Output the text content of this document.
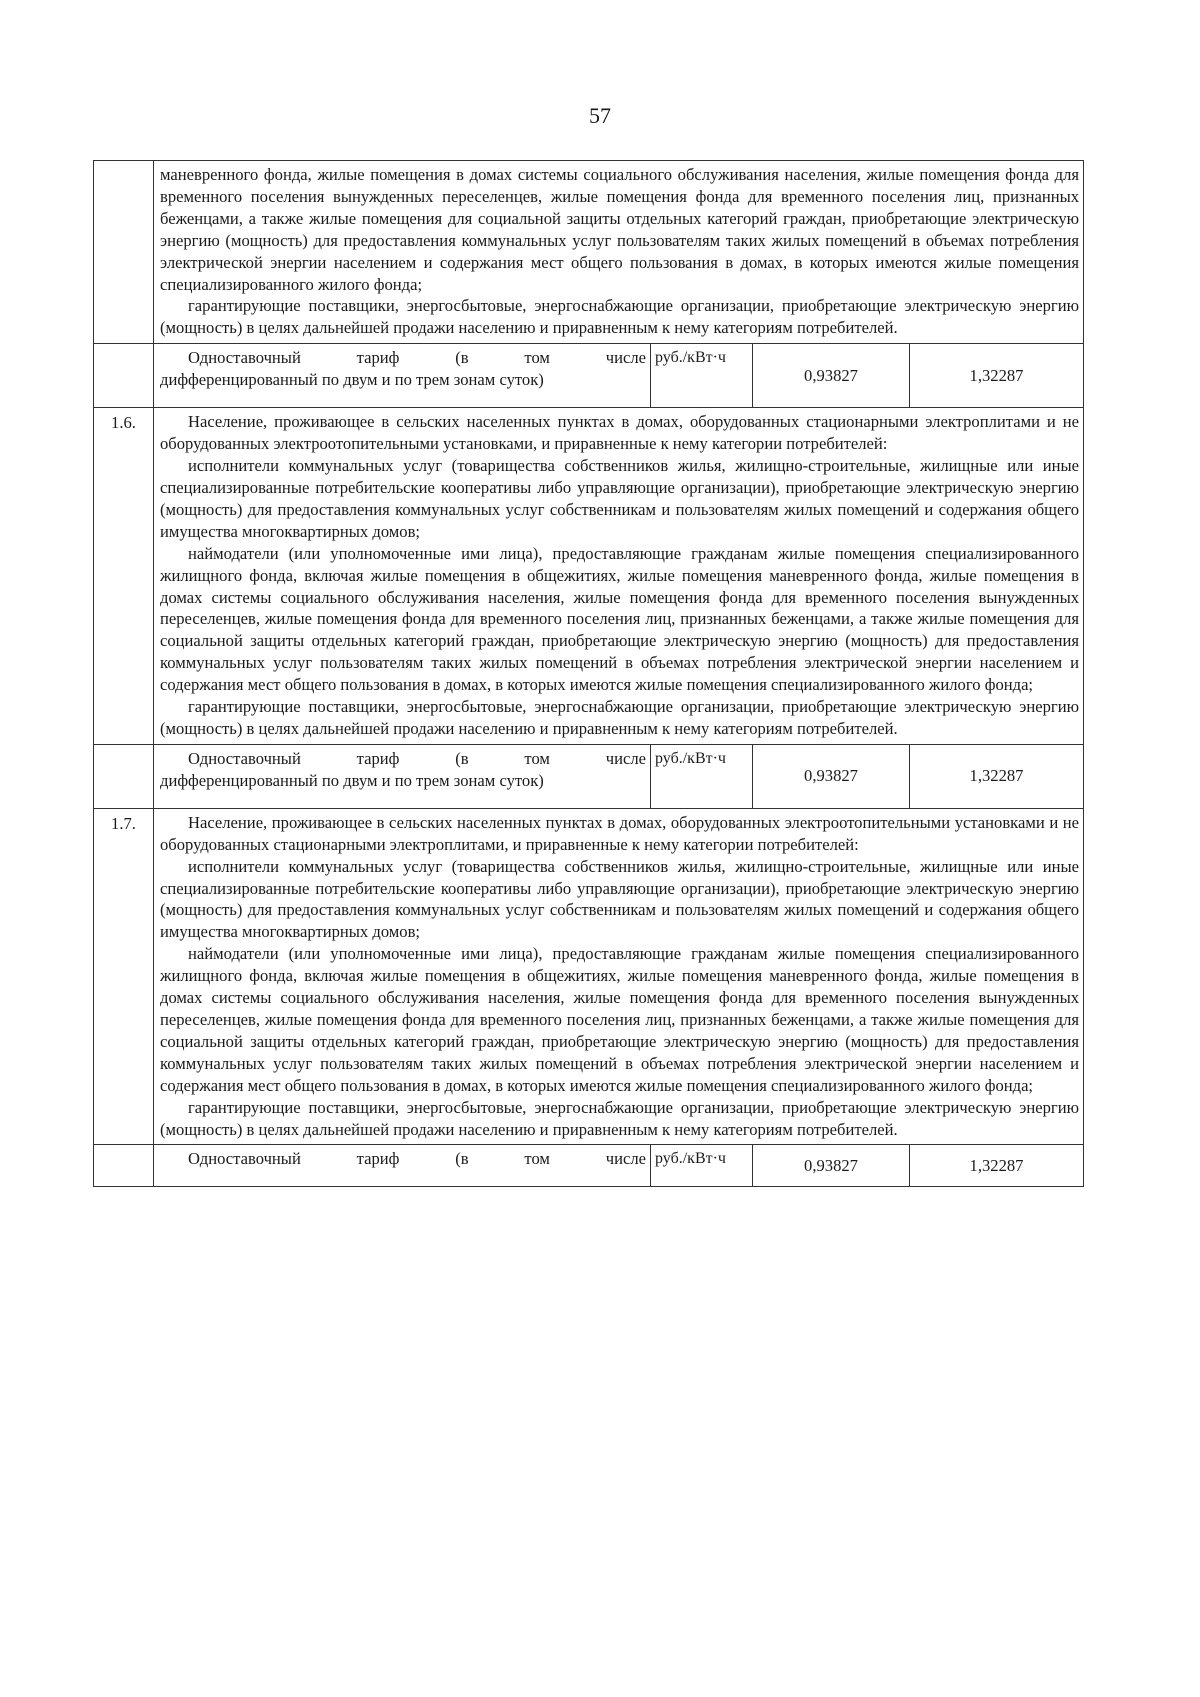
57

	маневренного фонда, жилые помещения в домах системы социального обслуживания населения, жилые помещения фонда для временного поселения вынужденных переселенцев, жилые помещения фонда для временного поселения лиц, признанных беженцами, а также жилые помещения для социальной защиты отдельных категорий граждан, приобретающие электрическую энергию (мощность) для предоставления коммунальных услуг пользователям таких жилых помещений в объемах потребления электрической энергии населением и содержания мест общего пользования в домах, в которых имеются жилые помещения специализированного жилого фонда;

гарантирующие поставщики, энергосбытовые, энергоснабжающие организации, приобретающие электрическую энергию (мощность) в целях дальнейшей продажи населению и приравненным к нему категориям потребителей.			

	Одноставочный тариф (в том числе
дифференцированный по двум и по трем зонам суток)	руб./кВт·ч	0,93827	1,32287
1.6.	Население, проживающее в сельских населенных пунктах в домах, оборудованных стационарными электроплитами и не оборудованных электроотопительными установками, и приравненные к нему категории потребителей:

исполнители коммунальных услуг (товарищества собственников жилья, жилищно-строительные, жилищные или иные специализированные потребительские кооперативы либо управляющие организации), приобретающие электрическую энергию (мощность) для предоставления коммунальных услуг собственникам и пользователям жилых помещений и содержания общего имущества многоквартирных домов;

наймодатели (или уполномоченные ими лица), предоставляющие гражданам жилые помещения специализированного жилищного фонда, включая жилые помещения в общежитиях, жилые помещения маневренного фонда, жилые помещения в домах системы социального обслуживания населения, жилые помещения фонда для временного поселения вынужденных переселенцев, жилые помещения фонда для временного поселения лиц, признанных беженцами, а также жилые помещения для социальной защиты отдельных категорий граждан, приобретающие электрическую энергию (мощность) для предоставления коммунальных услуг пользователям таких жилых помещений в объемах потребления электрической энергии населением и содержания мест общего пользования в домах, в которых имеются жилые помещения специализированного жилого фонда;

гарантирующие поставщики, энергосбытовые, энергоснабжающие организации, приобретающие электрическую энергию (мощность) в целях дальнейшей продажи населению и приравненным к нему категориям потребителей.			

	Одноставочный тариф (в том числе
дифференцированный по двум и по трем зонам суток)	руб./кВт·ч	0,93827	1,32287
1.7.	Население, проживающее в сельских населенных пунктах в домах, оборудованных электроотопительными установками и не оборудованных стационарными электроплитами, и приравненные к нему категории потребителей:

исполнители коммунальных услуг (товарищества собственников жилья, жилищно-строительные, жилищные или иные специализированные потребительские кооперативы либо управляющие организации), приобретающие электрическую энергию (мощность) для предоставления коммунальных услуг собственникам и пользователям жилых помещений и содержания общего имущества многоквартирных домов;

наймодатели (или уполномоченные ими лица), предоставляющие гражданам жилые помещения специализированного жилищного фонда, включая жилые помещения в общежитиях, жилые помещения маневренного фонда, жилые помещения в домах системы социального обслуживания населения, жилые помещения фонда для временного поселения вынужденных переселенцев, жилые помещения фонда для временного поселения лиц, признанных беженцами, а также жилые помещения для социальной защиты отдельных категорий граждан, приобретающие электрическую энергию (мощность) для предоставления коммунальных услуг пользователям таких жилых помещений в объемах потребления электрической энергии населением и содержания мест общего пользования в домах, в которых имеются жилые помещения специализированного жилого фонда;

гарантирующие поставщики, энергосбытовые, энергоснабжающие организации, приобретающие электрическую энергию (мощность) в целях дальнейшей продажи населению и приравненным к нему категориям потребителей.			

	Одноставочный тариф (в том числе	руб./кВт·ч	0,93827	1,32287
